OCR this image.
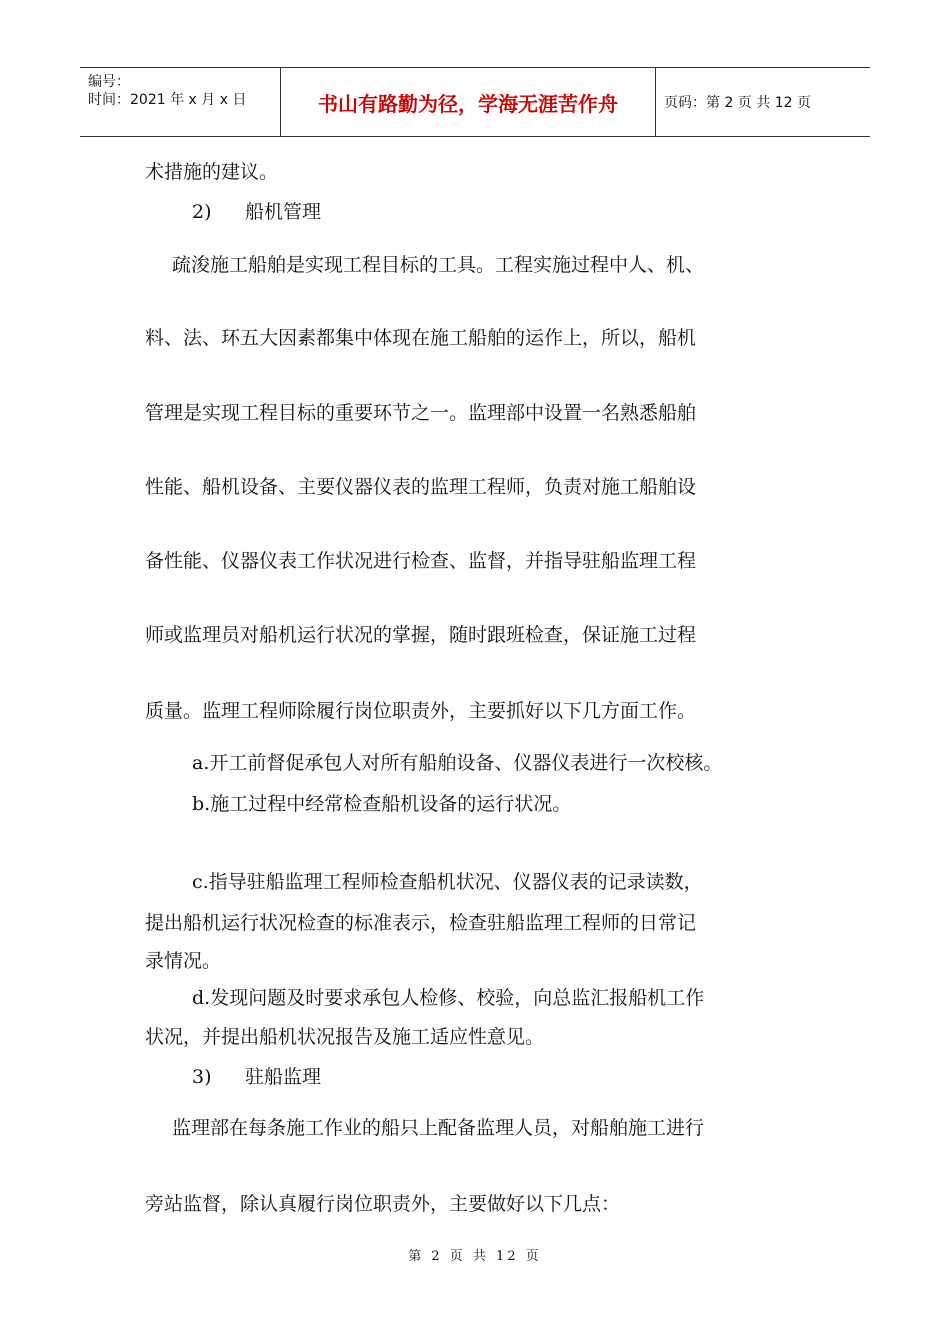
编号：
时间：2021 年 x 月 x 日	书山有路勤为径，学海无涯苦作舟	页码：第 2 页 共 12 页
术措施的建议。
2) 船机管理
疏浚施工船舶是实现工程目标的工具。工程实施过程中人、机、
料、法、环五大因素都集中体现在施工船舶的运作上，所以，船机
管理是实现工程目标的重要环节之一。监理部中设置一名熟悉船舶
性能、船机设备、主要仪器仪表的监理工程师，负责对施工船舶设
备性能、仪器仪表工作状况进行检查、监督，并指导驻船监理工程
师或监理员对船机运行状况的掌握，随时跟班检查，保证施工过程
质量。监理工程师除履行岗位职责外，主要抓好以下几方面工作。
a.开工前督促承包人对所有船舶设备、仪器仪表进行一次校核。
b.施工过程中经常检查船机设备的运行状况。
c.指导驻船监理工程师检查船机状况、仪器仪表的记录读数，
提出船机运行状况检查的标准表示，检查驻船监理工程师的日常记
录情况。
d.发现问题及时要求承包人检修、校验，向总监汇报船机工作
状况，并提出船机状况报告及施工适应性意见。
3) 驻船监理
监理部在每条施工作业的船只上配备监理人员，对船舶施工进行
旁站监督，除认真履行岗位职责外，主要做好以下几点：
第 2 页 共 12 页
